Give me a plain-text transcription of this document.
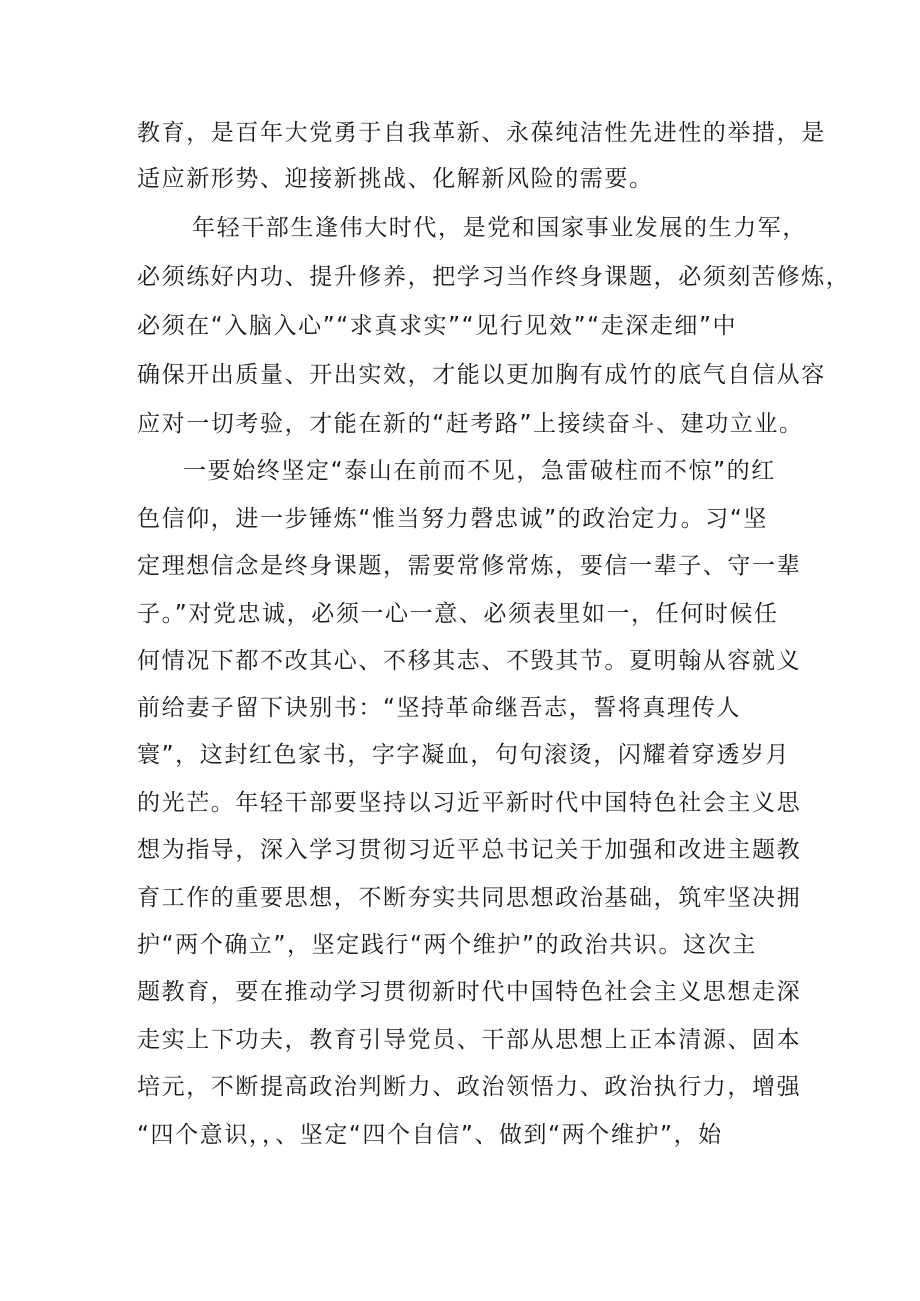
教育，是百年大党勇于自我革新、永葆纯洁性先进性的举措，是
适应新形势、迎接新挑战、化解新风险的需要。
年轻干部生逢伟大时代，是党和国家事业发展的生力军，
必须练好内功、提升修养，把学习当作终身课题，必须刻苦修炼，
必须在“入脑入心”“求真求实”“见行见效”“走深走细”中
确保开出质量、开出实效，才能以更加胸有成竹的底气自信从容
应对一切考验，才能在新的“赶考路”上接续奋斗、建功立业。
一要始终坚定“泰山在前而不见，急雷破柱而不惊”的红
色信仰，进一步锤炼“惟当努力磬忠诚”的政治定力。习“坚
定理想信念是终身课题，需要常修常炼，要信一辈子、守一辈
子。”对党忠诚，必须一心一意、必须表里如一，任何时候任
何情况下都不改其心、不移其志、不毁其节。夏明翰从容就义
前给妻子留下诀别书：“坚持革命继吾志，誓将真理传人
寰”，这封红色家书，字字凝血，句句滚烫，闪耀着穿透岁月
的光芒。年轻干部要坚持以习近平新时代中国特色社会主义思
想为指导，深入学习贯彻习近平总书记关于加强和改进主题教
育工作的重要思想，不断夯实共同思想政治基础，筑牢坚决拥
护“两个确立”，坚定践行“两个维护”的政治共识。这次主
题教育，要在推动学习贯彻新时代中国特色社会主义思想走深
走实上下功夫，教育引导党员、干部从思想上正本清源、固本
培元，不断提高政治判断力、政治领悟力、政治执行力，增强
“四个意识，，、坚定“四个自信”、做到“两个维护”，始
